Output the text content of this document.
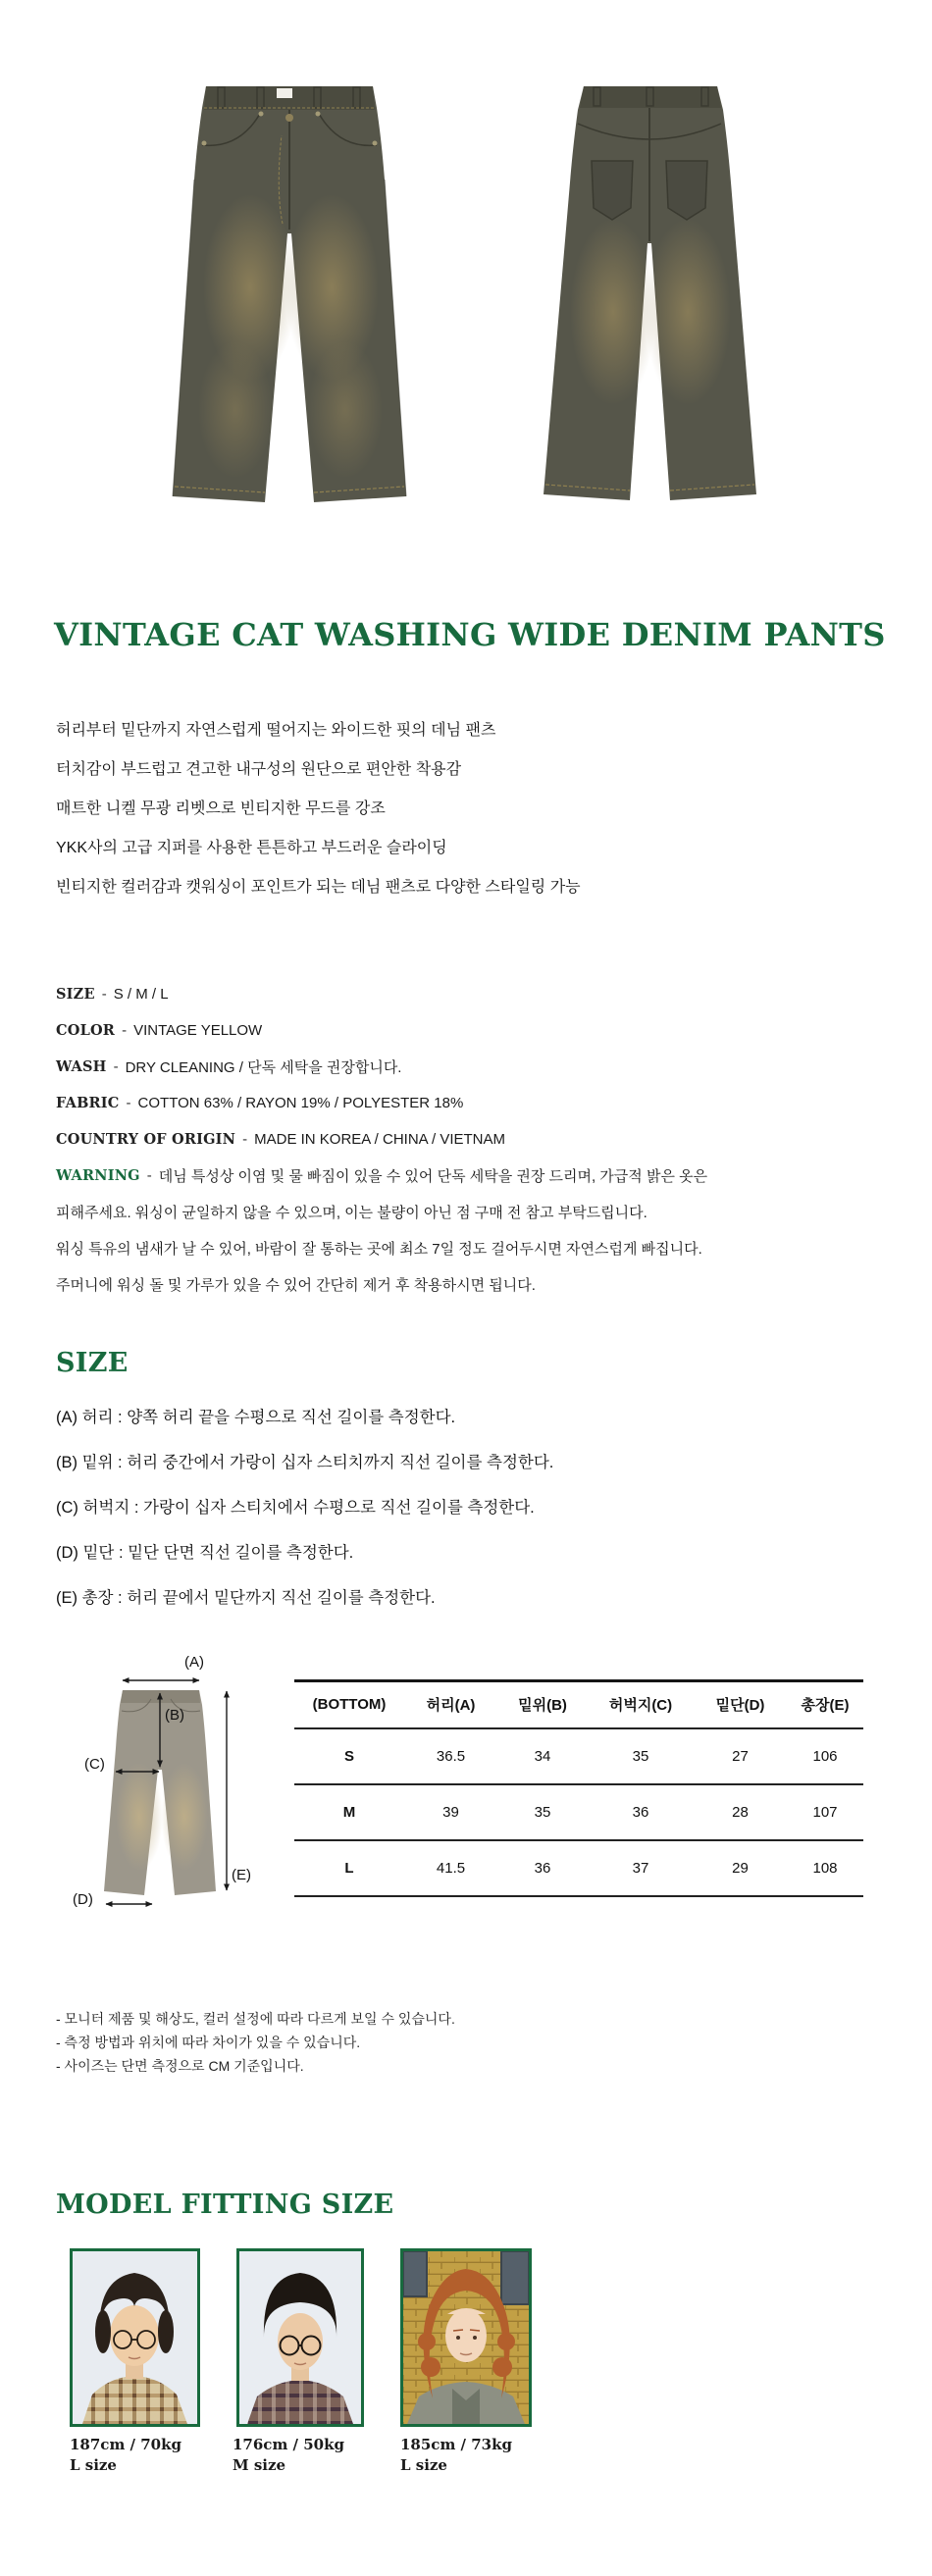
VINTAGE CAT WASHING WIDE DENIM PANTS
허리부터 밑단까지 자연스럽게 떨어지는 와이드한 핏의 데님 팬츠
터치감이 부드럽고 견고한 내구성의 원단으로 편안한 착용감
매트한 니켈 무광 리벳으로 빈티지한 무드를 강조
YKK사의 고급 지퍼를 사용한 튼튼하고 부드러운 슬라이딩
빈티지한 컬러감과 캣워싱이 포인트가 되는 데님 팬츠로 다양한 스타일링 가능
SIZE - S / M / L
COLOR - VINTAGE YELLOW
WASH - DRY CLEANING / 단독 세탁을 권장합니다.
FABRIC - COTTON 63% / RAYON 19% / POLYESTER 18%
COUNTRY OF ORIGIN - MADE IN KOREA / CHINA / VIETNAM
WARNING - 데님 특성상 이염 및 물 빠짐이 있을 수 있어 단독 세탁을 권장 드리며, 가급적 밝은 옷은
피해주세요. 워싱이 균일하지 않을 수 있으며, 이는 불량이 아닌 점 구매 전 참고 부탁드립니다.
워싱 특유의 냄새가 날 수 있어, 바람이 잘 통하는 곳에 최소 7일 정도 걸어두시면 자연스럽게 빠집니다.
주머니에 워싱 돌 및 가루가 있을 수 있어 간단히 제거 후 착용하시면 됩니다.
SIZE
(A) 허리 : 양쪽 허리 끝을 수평으로 직선 길이를 측정한다.
(B) 밑위 : 허리 중간에서 가랑이 십자 스티치까지 직선 길이를 측정한다.
(C) 허벅지 : 가랑이 십자 스티치에서 수평으로 직선 길이를 측정한다.
(D) 밑단 : 밑단 단면 직선 길이를 측정한다.
(E) 총장 : 허리 끝에서 밑단까지 직선 길이를 측정한다.
(A)
(B)
(C)
(D)
(E)
(BOTTOM)	허리(A)	밑위(B)	허벅지(C)	밑단(D)	총장(E)
S	36.5	34	35	27	106
M	39	35	36	28	107
L	41.5	36	37	29	108
- 모니터 제품 및 해상도, 컬러 설정에 따라 다르게 보일 수 있습니다.
- 측정 방법과 위치에 따라 차이가 있을 수 있습니다.
- 사이즈는 단면 측정으로 CM 기준입니다.
MODEL FITTING SIZE
187cm / 70kg
L size
176cm / 50kg
M size
185cm / 73kg
L size
